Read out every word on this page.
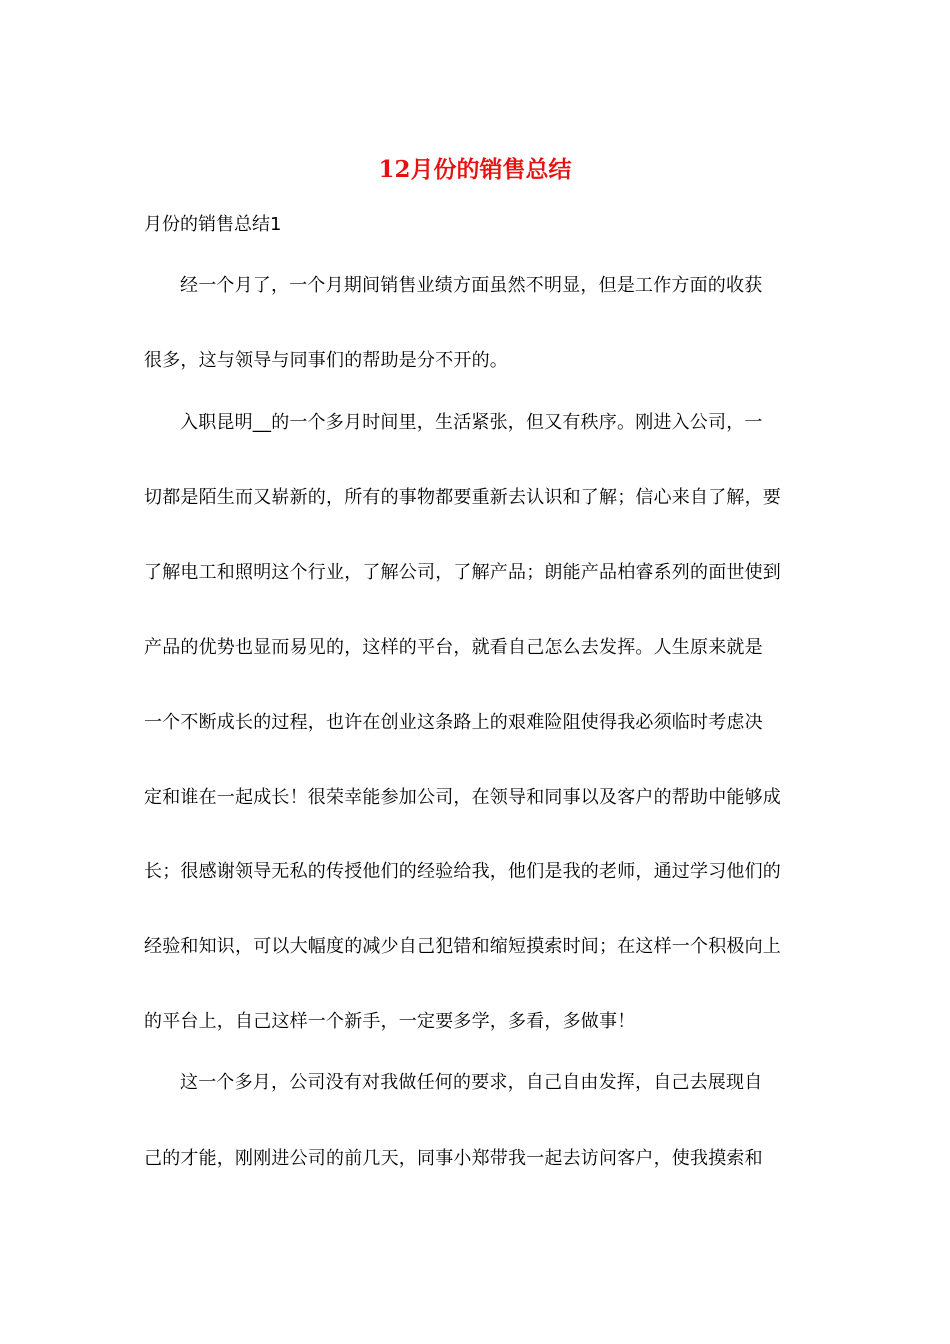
12月份的销售总结

月份的销售总结1

经一个月了，一个月期间销售业绩方面虽然不明显，但是工作方面的收获

很多，这与领导与同事们的帮助是分不开的。

入职昆明__的一个多月时间里，生活紧张，但又有秩序。刚进入公司，一

切都是陌生而又崭新的，所有的事物都要重新去认识和了解；信心来自了解，要

了解电工和照明这个行业，了解公司，了解产品；朗能产品柏睿系列的面世使到

产品的优势也显而易见的，这样的平台，就看自己怎么去发挥。人生原来就是

一个不断成长的过程，也许在创业这条路上的艰难险阻使得我必须临时考虑决

定和谁在一起成长！很荣幸能参加公司，在领导和同事以及客户的帮助中能够成

长；很感谢领导无私的传授他们的经验给我，他们是我的老师，通过学习他们的

经验和知识，可以大幅度的减少自己犯错和缩短摸索时间；在这样一个积极向上

的平台上，自己这样一个新手，一定要多学，多看，多做事！

这一个多月，公司没有对我做任何的要求，自己自由发挥，自己去展现自

己的才能，刚刚进公司的前几天，同事小郑带我一起去访问客户，使我摸索和
